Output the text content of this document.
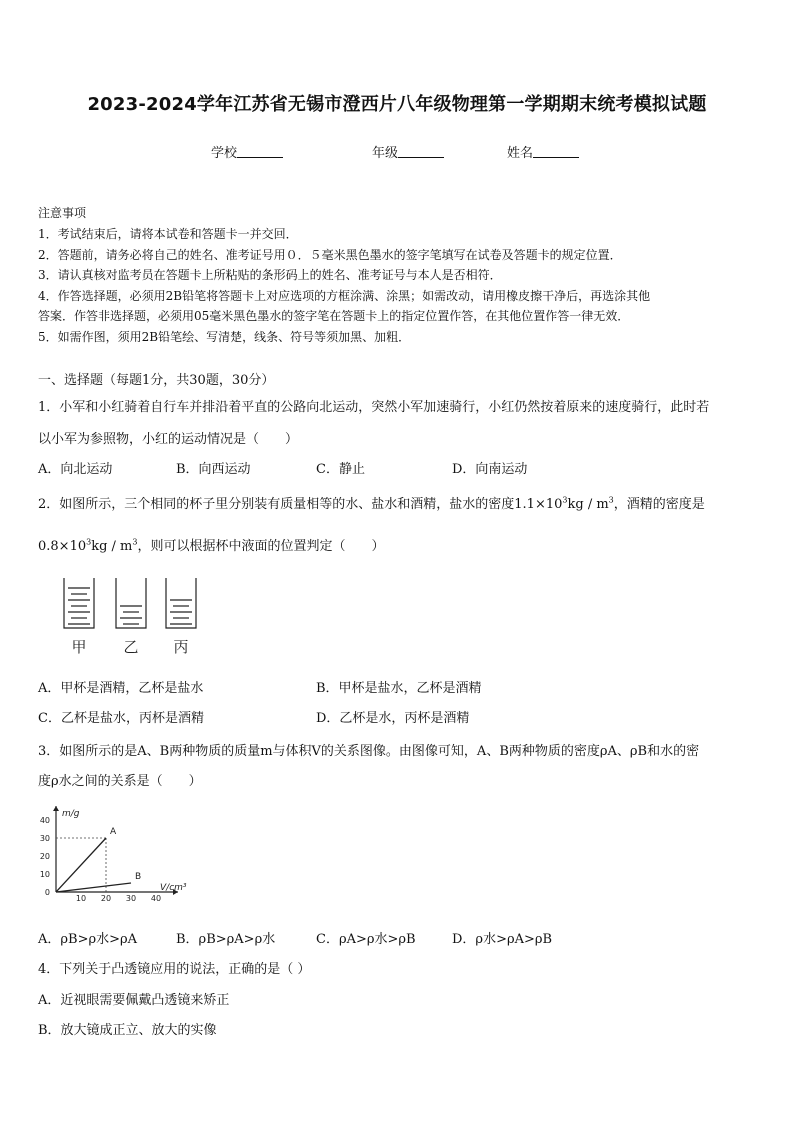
2023-2024学年江苏省无锡市澄西片八年级物理第一学期期末统考模拟试题
学校	年级	姓名
注意事项
1．考试结束后，请将本试卷和答题卡一并交回．
2．答题前，请务必将自己的姓名、准考证号用０．５毫米黑色墨水的签字笔填写在试卷及答题卡的规定位置．
3．请认真核对监考员在答题卡上所粘贴的条形码上的姓名、准考证号与本人是否相符．
4．作答选择题，必须用2B铅笔将答题卡上对应选项的方框涂满、涂黑；如需改动，请用橡皮擦干净后，再选涂其他
答案．作答非选择题，必须用05毫米黑色墨水的签字笔在答题卡上的指定位置作答，在其他位置作答一律无效．
5．如需作图，须用2B铅笔绘、写清楚，线条、符号等须加黑、加粗．
一、选择题（每题1分，共30题，30分）
1．小军和小红骑着自行车并排沿着平直的公路向北运动，突然小军加速骑行，小红仍然按着原来的速度骑行，此时若
以小军为参照物，小红的运动情况是（　　）
A．向北运动	B．向西运动	C．静止	D．向南运动
2．如图所示，三个相同的杯子里分别装有质量相等的水、盐水和酒精，盐水的密度$1.1\times 10^3kg / m^3$，酒精的密度是
$0.8\times 10^3kg / m^3$，则可以根据杯中液面的位置判定（　　）
甲 乙 丙
A．甲杯是酒精，乙杯是盐水	B．甲杯是盐水，乙杯是酒精
C．乙杯是盐水，丙杯是酒精	D．乙杯是水，丙杯是酒精
3．如图所示的是A、B两种物质的质量m与体积V的关系图像。由图像可知，A、B两种物质的密度ρA、ρB和水的密
度ρ水之间的关系是（　　）
m/g
V/cm³
0
10
20
30
40
10 20 30 40
A
B
A．ρB>ρ水>ρA	B．ρB>ρA>ρ水	C．ρA>ρ水>ρB	D．ρ水>ρA>ρB
4．下列关于凸透镜应用的说法，正确的是（ ）
A．近视眼需要佩戴凸透镜来矫正
B．放大镜成正立、放大的实像
